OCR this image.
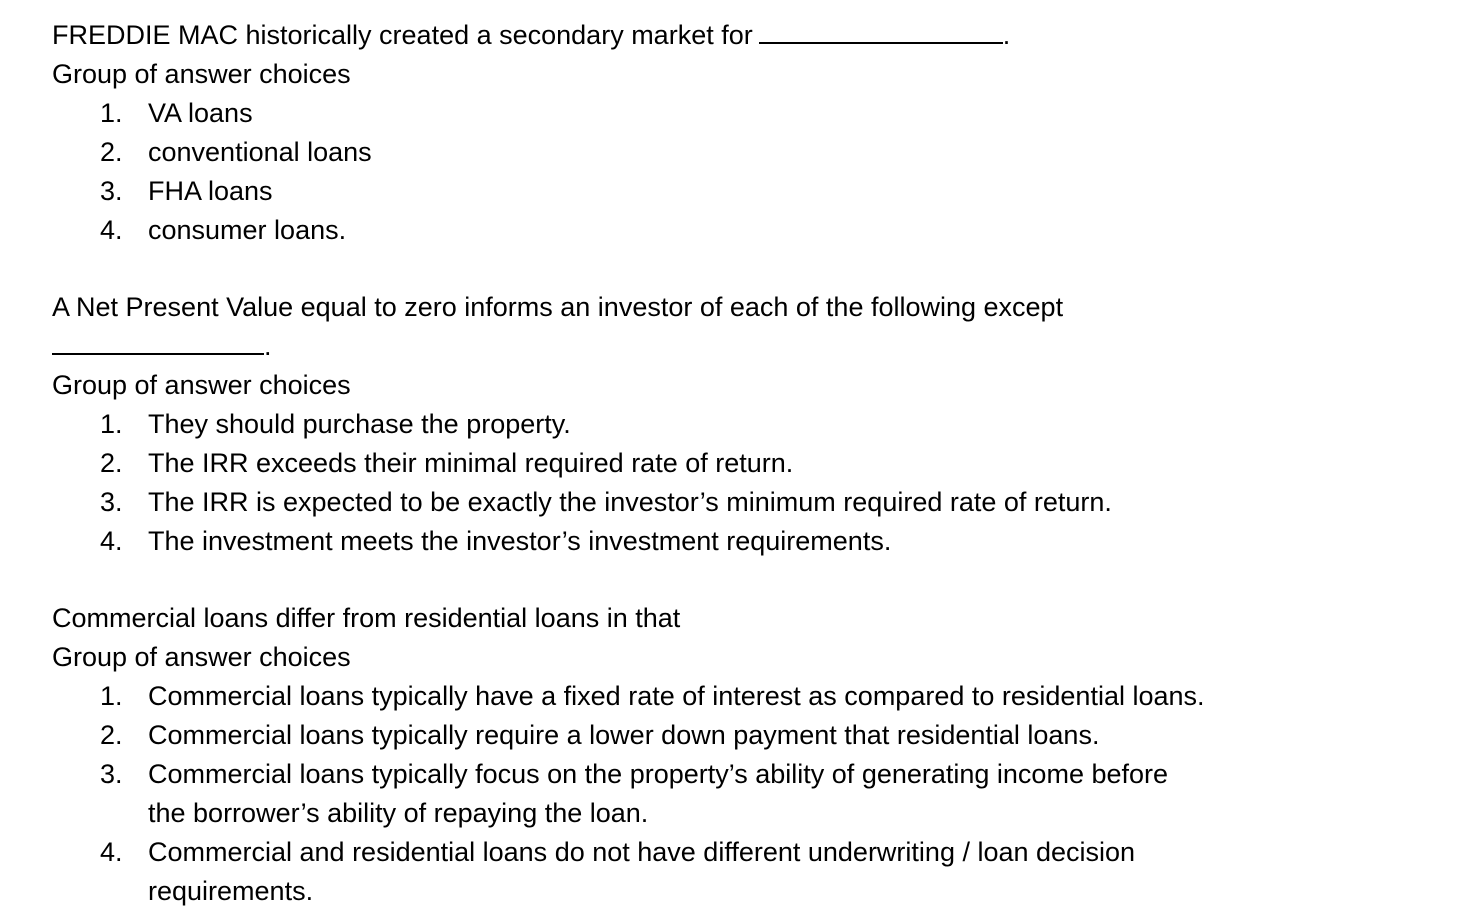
FREDDIE MAC historically created a secondary market for	.
Group of answer choices
1. VA loans
2. conventional loans
3. FHA loans
4. consumer loans.
A Net Present Value equal to zero informs an investor of each of the following except
.
Group of answer choices
1. They should purchase the property.
2. The IRR exceeds their minimal required rate of return.
3. The IRR is expected to be exactly the investor’s minimum required rate of return.
4. The investment meets the investor’s investment requirements.
Commercial loans differ from residential loans in that
Group of answer choices
1. Commercial loans typically have a fixed rate of interest as compared to residential loans.
2. Commercial loans typically require a lower down payment that residential loans.
3. Commercial loans typically focus on the property’s ability of generating income before
the borrower’s ability of repaying the loan.
4. Commercial and residential loans do not have different underwriting / loan decision
requirements.
